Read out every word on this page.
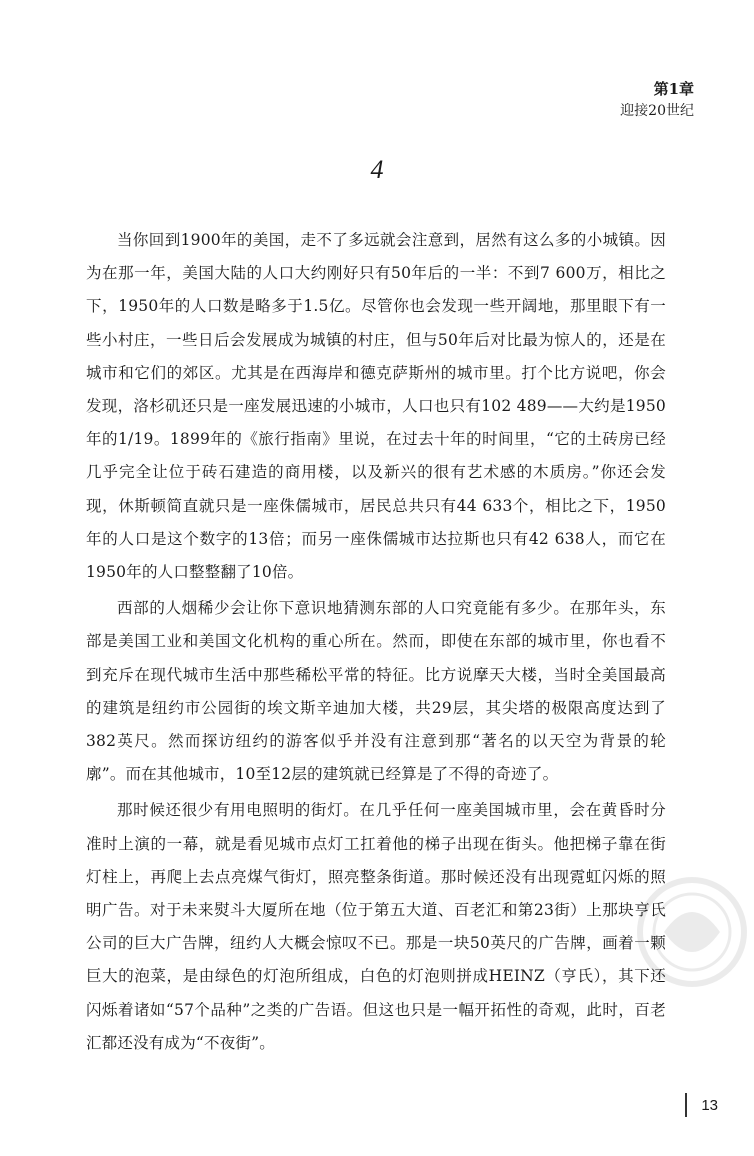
第1章
迎接20世纪
4

当你回到1900年的美国，走不了多远就会注意到，居然有这么多的小城镇。因为在那一年，美国大陆的人口大约刚好只有50年后的一半：不到7 600万，相比之下，1950年的人口数是略多于1.5亿。尽管你也会发现一些开阔地，那里眼下有一些小村庄，一些日后会发展成为城镇的村庄，但与50年后对比最为惊人的，还是在城市和它们的郊区。尤其是在西海岸和德克萨斯州的城市里。打个比方说吧，你会发现，洛杉矶还只是一座发展迅速的小城市，人口也只有102 489——大约是1950年的1/19。1899年的《旅行指南》里说，在过去十年的时间里，“它的土砖房已经几乎完全让位于砖石建造的商用楼，以及新兴的很有艺术感的木质房。”你还会发现，休斯顿简直就只是一座侏儒城市，居民总共只有44 633个，相比之下，1950年的人口是这个数字的13倍；而另一座侏儒城市达拉斯也只有42 638人，而它在1950年的人口整整翻了10倍。

西部的人烟稀少会让你下意识地猜测东部的人口究竟能有多少。在那年头，东部是美国工业和美国文化机构的重心所在。然而，即使在东部的城市里，你也看不到充斥在现代城市生活中那些稀松平常的特征。比方说摩天大楼，当时全美国最高的建筑是纽约市公园街的埃文斯辛迪加大楼，共29层，其尖塔的极限高度达到了382英尺。然而探访纽约的游客似乎并没有注意到那“著名的以天空为背景的轮廓”。而在其他城市，10至12层的建筑就已经算是了不得的奇迹了。

那时候还很少有用电照明的街灯。在几乎任何一座美国城市里，会在黄昏时分准时上演的一幕，就是看见城市点灯工扛着他的梯子出现在街头。他把梯子靠在街灯柱上，再爬上去点亮煤气街灯，照亮整条街道。那时候还没有出现霓虹闪烁的照明广告。对于未来熨斗大厦所在地（位于第五大道、百老汇和第23街）上那块亨氏公司的巨大广告牌，纽约人大概会惊叹不已。那是一块50英尺的广告牌，画着一颗巨大的泡菜，是由绿色的灯泡所组成，白色的灯泡则拼成HEINZ（亨氏），其下还闪烁着诸如“57个品种”之类的广告语。但这也只是一幅开拓性的奇观，此时，百老汇都还没有成为“不夜街”。

13
